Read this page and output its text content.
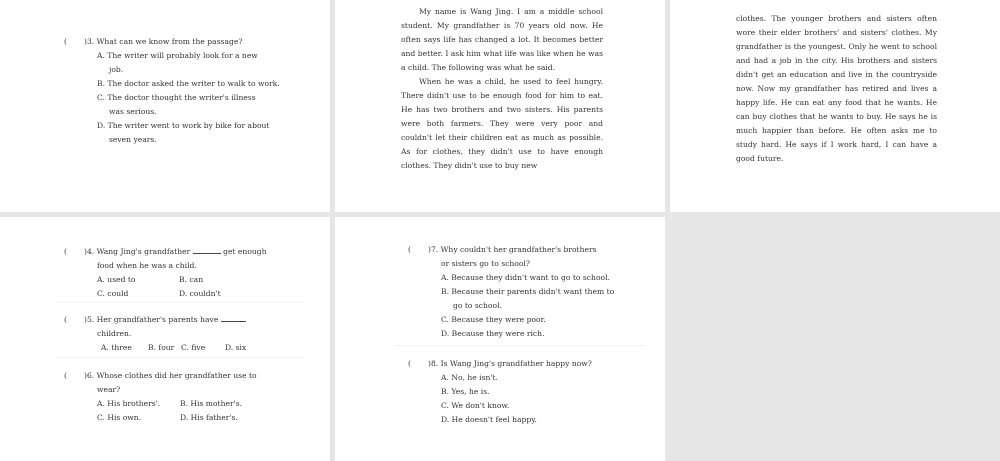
( )3. What can we know from the passage?
A. The writer will probably look for a new
job.
B. The doctor asked the writer to walk to work.
C. The doctor thought the writer's illness
was serious.
D. The writer went to work by bike for about
seven years.

My name is Wang Jing. I am a middle school student. My grandfather is 70 years old now. He often says life has changed a lot. It becomes better and better. I ask him what life was like when he was a child. The following was what he said.

When he was a child, he used to feel hungry. There didn't use to be enough food for him to eat. He has two brothers and two sisters. His parents were both farmers. They were very poor and couldn't let their children eat as much as possible. As for clothes, they didn't use to have enough clothes. They didn't use to buy new

clothes. The younger brothers and sisters often wore their elder brothers' and sisters' clothes. My grandfather is the youngest. Only he went to school and had a job in the city. His brothers and sisters didn't get an education and live in the countryside now. Now my grandfather has retired and lives a happy life. He can eat any food that he wants. He can buy clothes that he wants to buy. He says he is much happier than before. He often asks me to study hard. He says if I work hard, I can have a good future.

( )4. Wang Jing's grandfather	get enough
food when he was a child.
A. used to	B. can
C. could	D. couldn't
( )5. Her grandfather's parents have
children.
A. three	B. four C. five	D. six
( )6. Whose clothes did her grandfather use to
wear?
A. His brothers'.	B. His mother's.
C. His own.	D. His father's.
( )7. Why couldn't her grandfather's brothers
or sisters go to school?
A. Because they didn't want to go to school.
B. Because their parents didn't want them to
go to school.
C. Because they were poor.
D. Because they were rich.
( )8. Is Wang Jing's grandfather happy now?
A. No, he isn't.
B. Yes, he is.
C. We don't know.
D. He doesn't feel happy.
